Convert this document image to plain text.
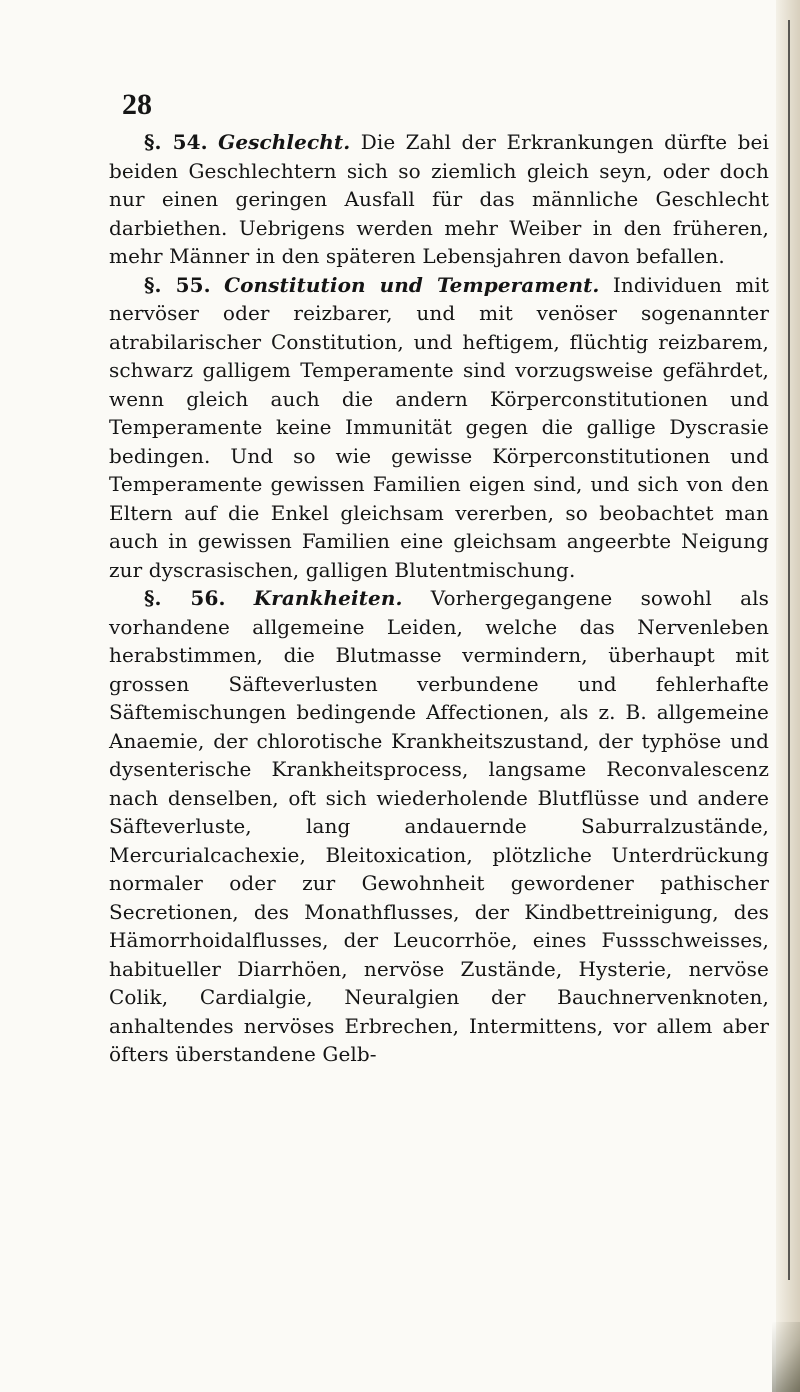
28

§. 54. Geschlecht. Die Zahl der Erkrankungen dürfte bei beiden Geschlechtern sich so ziemlich gleich seyn, oder doch nur einen geringen Ausfall für das männliche Geschlecht darbiethen. Uebrigens werden mehr Weiber in den früheren, mehr Männer in den späteren Lebensjahren davon befallen.

§. 55. Constitution und Temperament. Individuen mit nervöser oder reizbarer, und mit venöser sogenannter atrabilarischer Constitution, und heftigem, flüchtig reizbarem, schwarz galligem Temperamente sind vorzugsweise gefährdet, wenn gleich auch die andern Körperconstitutionen und Temperamente keine Immunität gegen die gallige Dyscrasie bedingen. Und so wie gewisse Körperconstitutionen und Temperamente gewissen Familien eigen sind, und sich von den Eltern auf die Enkel gleichsam vererben, so beobachtet man auch in gewissen Familien eine gleichsam angeerbte Neigung zur dyscrasischen, galligen Blutentmischung.

§. 56. Krankheiten. Vorhergegangene sowohl als vorhandene allgemeine Leiden, welche das Nervenleben herabstimmen, die Blutmasse vermindern, überhaupt mit grossen Säfteverlusten verbundene und fehlerhafte Säftemischungen bedingende Affectionen, als z. B. allgemeine Anaemie, der chlorotische Krankheitszustand, der typhöse und dysenterische Krankheitsprocess, langsame Reconvalescenz nach denselben, oft sich wiederholende Blutflüsse und andere Säfteverluste, lang andauernde Saburralzustände, Mercurialcachexie, Bleitoxication, plötzliche Unterdrückung normaler oder zur Gewohnheit gewordener pathischer Secretionen, des Monathflusses, der Kindbettreinigung, des Hämorrhoidalflusses, der Leucorrhöe, eines Fussschweisses, habitueller Diarrhöen, nervöse Zustände, Hysterie, nervöse Colik, Cardialgie, Neuralgien der Bauchnervenknoten, anhaltendes nervöses Erbrechen, Intermittens, vor allem aber öfters überstandene Gelb-
